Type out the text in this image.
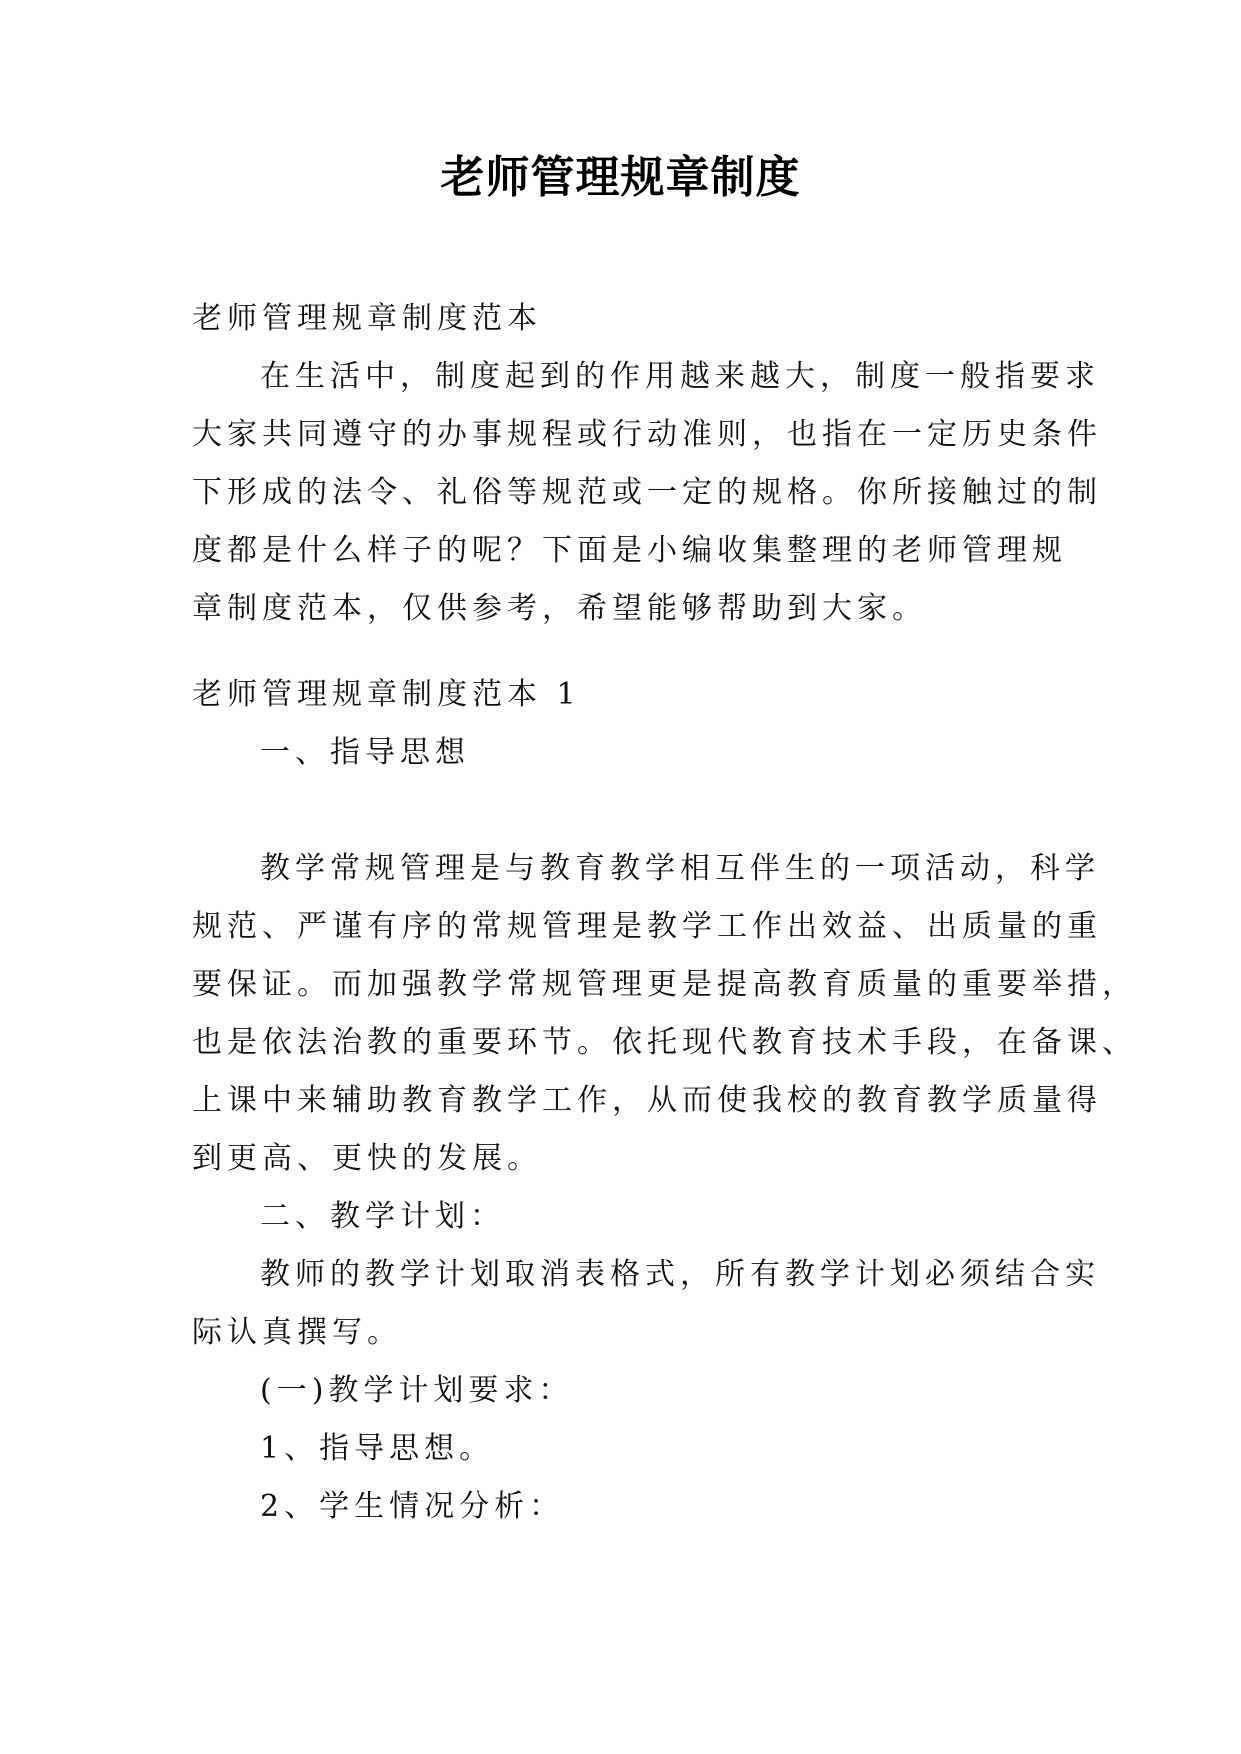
老师管理规章制度
老师管理规章制度范本
在生活中，制度起到的作用越来越大，制度一般指要求
大家共同遵守的办事规程或行动准则，也指在一定历史条件
下形成的法令、礼俗等规范或一定的规格。你所接触过的制
度都是什么样子的呢？下面是小编收集整理的老师管理规
章制度范本，仅供参考，希望能够帮助到大家。
老师管理规章制度范本 1
一、指导思想
教学常规管理是与教育教学相互伴生的一项活动，科学
规范、严谨有序的常规管理是教学工作出效益、出质量的重
要保证。而加强教学常规管理更是提高教育质量的重要举措，
也是依法治教的重要环节。依托现代教育技术手段，在备课、
上课中来辅助教育教学工作，从而使我校的教育教学质量得
到更高、更快的发展。
二、教学计划：
教师的教学计划取消表格式，所有教学计划必须结合实
际认真撰写。
(一)教学计划要求：
1、指导思想。
2、学生情况分析：
